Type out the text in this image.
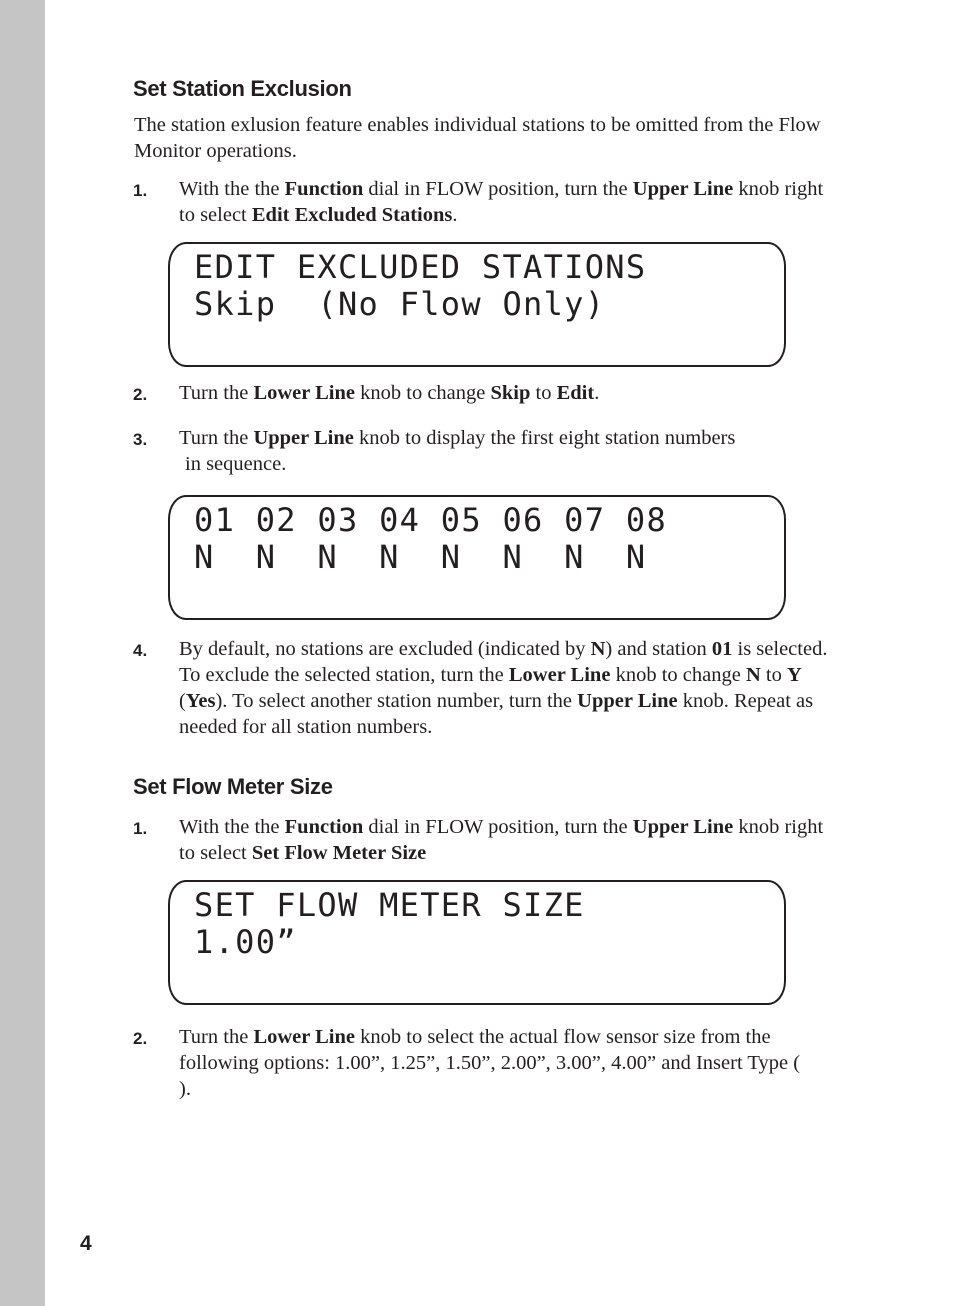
Set Station Exclusion
The station exlusion feature enables individual stations to be omitted from the Flow Monitor operations.
1. With the the Function dial in FLOW position, turn the Upper Line knob right to select Edit Excluded Stations.
EDIT EXCLUDED STATIONS
Skip  (No Flow Only)
2. Turn the Lower Line knob to change Skip to Edit.
3. Turn the Upper Line knob to display the first eight station numbers
in sequence.
01 02 03 04 05 06 07 08
N  N  N  N  N  N  N  N
4. By default, no stations are excluded (indicated by N) and station 01 is selected. To exclude the selected station, turn the Lower Line knob to change N to Y (Yes). To select another station number, turn the Upper Line knob. Repeat as needed for all station numbers.
Set Flow Meter Size
1. With the the Function dial in FLOW position, turn the Upper Line knob right to select Set Flow Meter Size
SET FLOW METER SIZE
1.00”
2. Turn the Lower Line knob to select the actual flow sensor size from the following options: 1.00”, 1.25”, 1.50”, 2.00”, 3.00”, 4.00” and Insert Type (                       ).
4
